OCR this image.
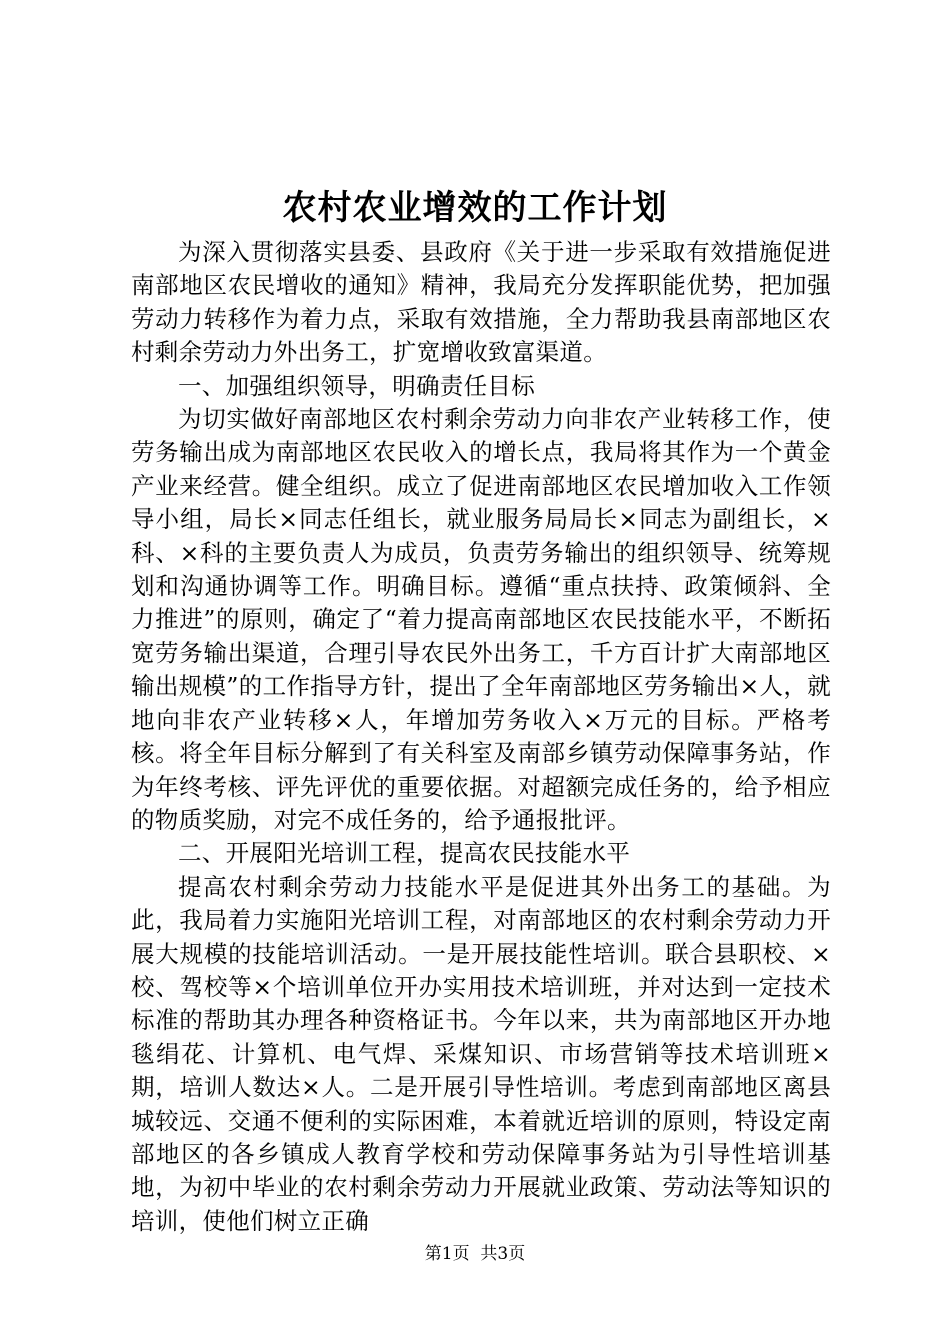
农村农业增效的工作计划

为深入贯彻落实县委、县政府《关于进一步采取有效措施促进南部地区农民增收的通知》精神，我局充分发挥职能优势，把加强劳动力转移作为着力点，采取有效措施，全力帮助我县南部地区农村剩余劳动力外出务工，扩宽增收致富渠道。

一、加强组织领导，明确责任目标

为切实做好南部地区农村剩余劳动力向非农产业转移工作，使劳务输出成为南部地区农民收入的增长点，我局将其作为一个黄金产业来经营。健全组织。成立了促进南部地区农民增加收入工作领导小组，局长×同志任组长，就业服务局局长×同志为副组长，×科、×科的主要负责人为成员，负责劳务输出的组织领导、统筹规划和沟通协调等工作。明确目标。遵循“重点扶持、政策倾斜、全力推进”的原则，确定了“着力提高南部地区农民技能水平，不断拓宽劳务输出渠道，合理引导农民外出务工，千方百计扩大南部地区输出规模”的工作指导方针，提出了全年南部地区劳务输出×人，就地向非农产业转移×人，年增加劳务收入×万元的目标。严格考核。将全年目标分解到了有关科室及南部乡镇劳动保障事务站，作为年终考核、评先评优的重要依据。对超额完成任务的，给予相应的物质奖励，对完不成任务的，给予通报批评。

二、开展阳光培训工程，提高农民技能水平

提高农村剩余劳动力技能水平是促进其外出务工的基础。为此，我局着力实施阳光培训工程，对南部地区的农村剩余劳动力开展大规模的技能培训活动。一是开展技能性培训。联合县职校、×校、驾校等×个培训单位开办实用技术培训班，并对达到一定技术标准的帮助其办理各种资格证书。今年以来，共为南部地区开办地毯绢花、计算机、电气焊、采煤知识、市场营销等技术培训班×期，培训人数达×人。二是开展引导性培训。考虑到南部地区离县城较远、交通不便利的实际困难，本着就近培训的原则，特设定南部地区的各乡镇成人教育学校和劳动保障事务站为引导性培训基地，为初中毕业的农村剩余劳动力开展就业政策、劳动法等知识的培训，使他们树立正确

第1页  共3页
